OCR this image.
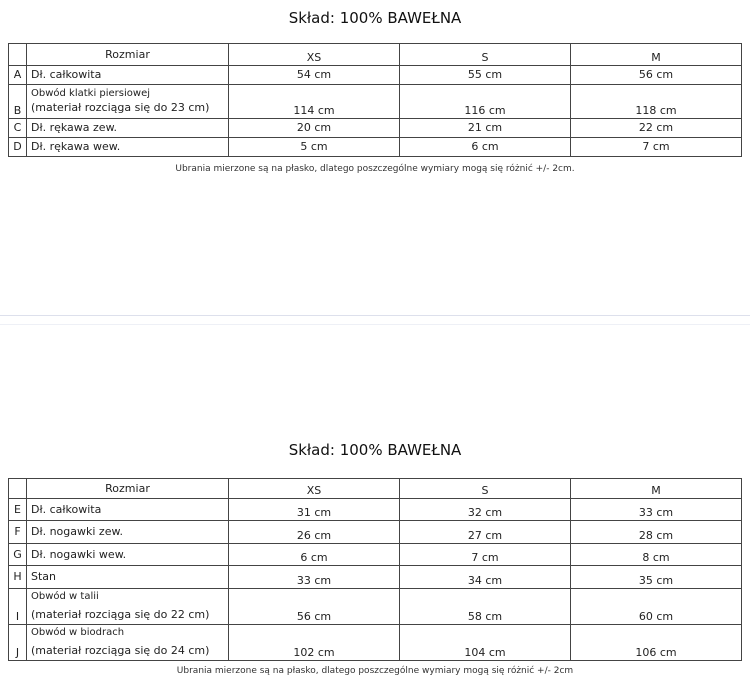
Skład: 100% BAWEŁNA
	Rozmiar	XS	S	M
A	Dł. całkowita	54 cm	55 cm	56 cm
B	Obwód klatki piersiowej
(materiał rozciąga się do 23 cm)	114 cm	116 cm	118 cm
C	Dł. rękawa zew.	20 cm	21 cm	22 cm
D	Dł. rękawa wew.	5 cm	6 cm	7 cm
Ubrania mierzone są na płasko, dlatego poszczególne wymiary mogą się różnić +/- 2cm.
Skład: 100% BAWEŁNA
	Rozmiar	XS	S	M
E	Dł. całkowita	31 cm	32 cm	33 cm
F	Dł. nogawki zew.	26 cm	27 cm	28 cm
G	Dł. nogawki wew.	6 cm	7 cm	8 cm
H	Stan	33 cm	34 cm	35 cm
I	Obwód w talii
(materiał rozciąga się do 22 cm)	56 cm	58 cm	60 cm
J	Obwód w biodrach
(materiał rozciąga się do 24 cm)	102 cm	104 cm	106 cm
Ubrania mierzone są na płasko, dlatego poszczególne wymiary mogą się różnić +/- 2cm
